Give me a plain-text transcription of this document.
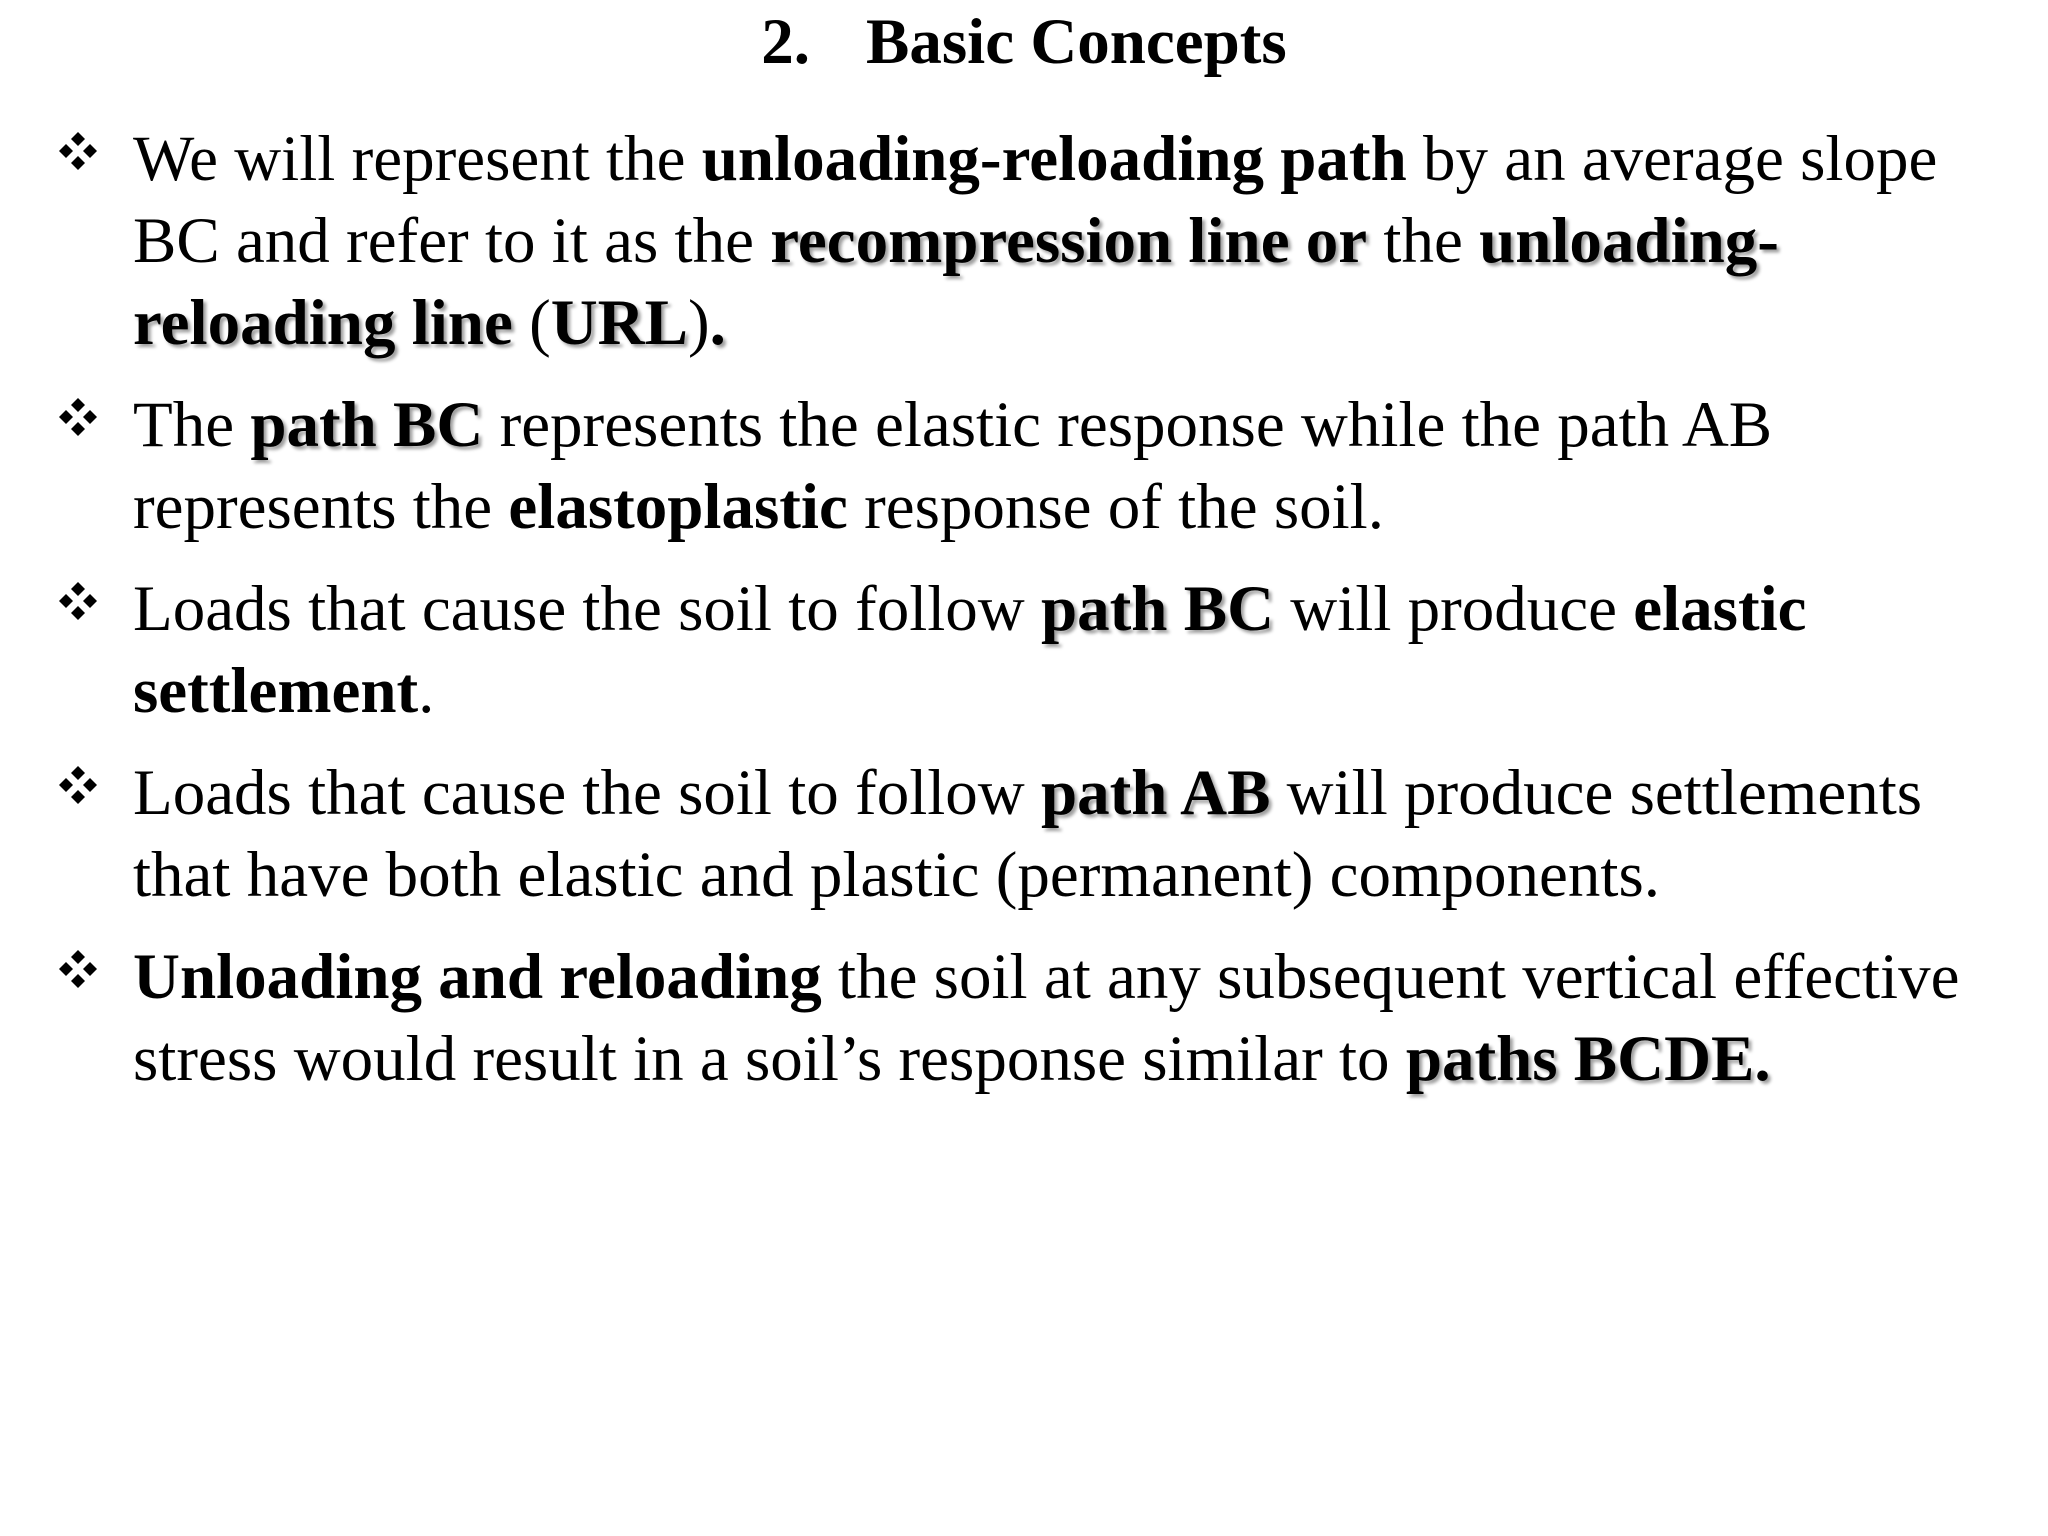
2. Basic Concepts
We will represent the unloading-reloading path by an average slope BC and refer to it as the recompression line or the unloading-reloading line (URL).
The path BC represents the elastic response while the path AB represents the elastoplastic response of the soil.
Loads that cause the soil to follow path BC will produce elastic settlement.
Loads that cause the soil to follow path AB will produce settlements that have both elastic and plastic (permanent) components.
Unloading and reloading the soil at any subsequent vertical effective stress would result in a soil’s response similar to paths BCDE.
